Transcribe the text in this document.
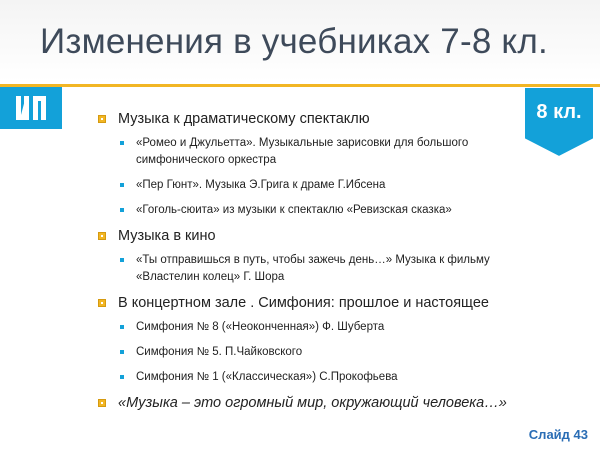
Изменения в учебниках 7-8 кл.
8 кл.
Музыка к драматическому спектаклю
«Ромео и Джульетта». Музыкальные зарисовки для большого симфонического оркестра
«Пер Гюнт». Музыка Э.Грига к драме Г.Ибсена
«Гоголь-сюита» из музыки к спектаклю «Ревизская сказка»
Музыка в кино
«Ты отправишься в путь, чтобы зажечь день…» Музыка к фильму «Властелин колец» Г. Шора
В концертном зале . Симфония: прошлое и настоящее
Симфония № 8 («Неоконченная») Ф. Шуберта
Симфония № 5. П.Чайковского
Симфония № 1 («Классическая») С.Прокофьева
«Музыка – это огромный мир, окружающий человека…»
Слайд 43
